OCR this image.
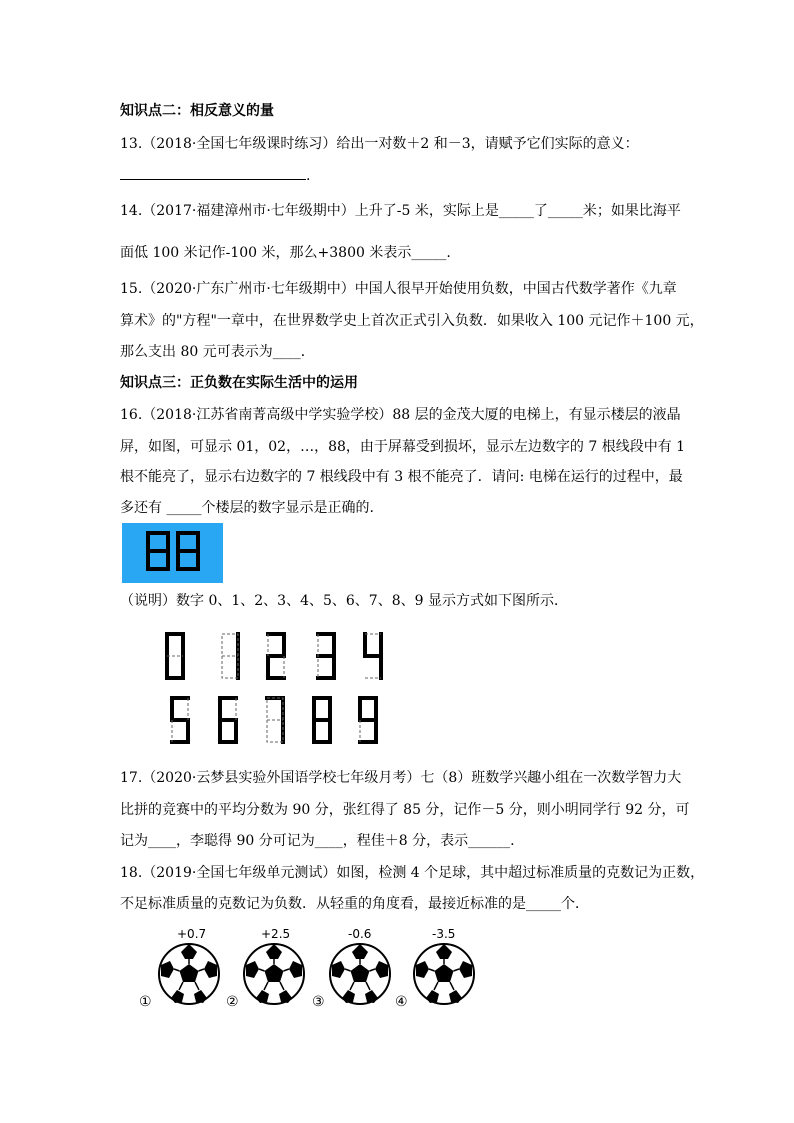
知识点二：相反意义的量
13.（2018·全国七年级课时练习）给出一对数＋2 和－3，请赋予它们实际的意义：
.
14.（2017·福建漳州市·七年级期中）上升了-5 米，实际上是_____了_____米；如果比海平
面低 100 米记作-100 米，那么+3800 米表示_____.
15.（2020·广东广州市·七年级期中）中国人很早开始使用负数，中国古代数学著作《九章
算术》的"方程"一章中，在世界数学史上首次正式引入负数．如果收入 100 元记作＋100 元，
那么支出 80 元可表示为____．
知识点三：正负数在实际生活中的运用
16.（2018·江苏省南菁高级中学实验学校）88 层的金茂大厦的电梯上，有显示楼层的液晶
屏，如图，可显示 01，02，…，88，由于屏幕受到损坏，显示左边数字的 7 根线段中有 1
根不能亮了，显示右边数字的 7 根线段中有 3 根不能亮了．请问: 电梯在运行的过程中，最
多还有 _____个楼层的数字显示是正确的.
（说明）数字 0、1、2、3、4、5、6、7、8、9 显示方式如下图所示．
17.（2020·云梦县实验外国语学校七年级月考）七（8）班数学兴趣小组在一次数学智力大
比拼的竞赛中的平均分数为 90 分，张红得了 85 分，记作－5 分，则小明同学行 92 分，可
记为____，李聪得 90 分可记为____，程佳＋8 分，表示______.
18.（2019·全国七年级单元测试）如图，检测 4 个足球，其中超过标准质量的克数记为正数，
不足标准质量的克数记为负数．从轻重的角度看，最接近标准的是_____个．
+0.7	+2.5	-0.6	-3.5
①	②	③	④
